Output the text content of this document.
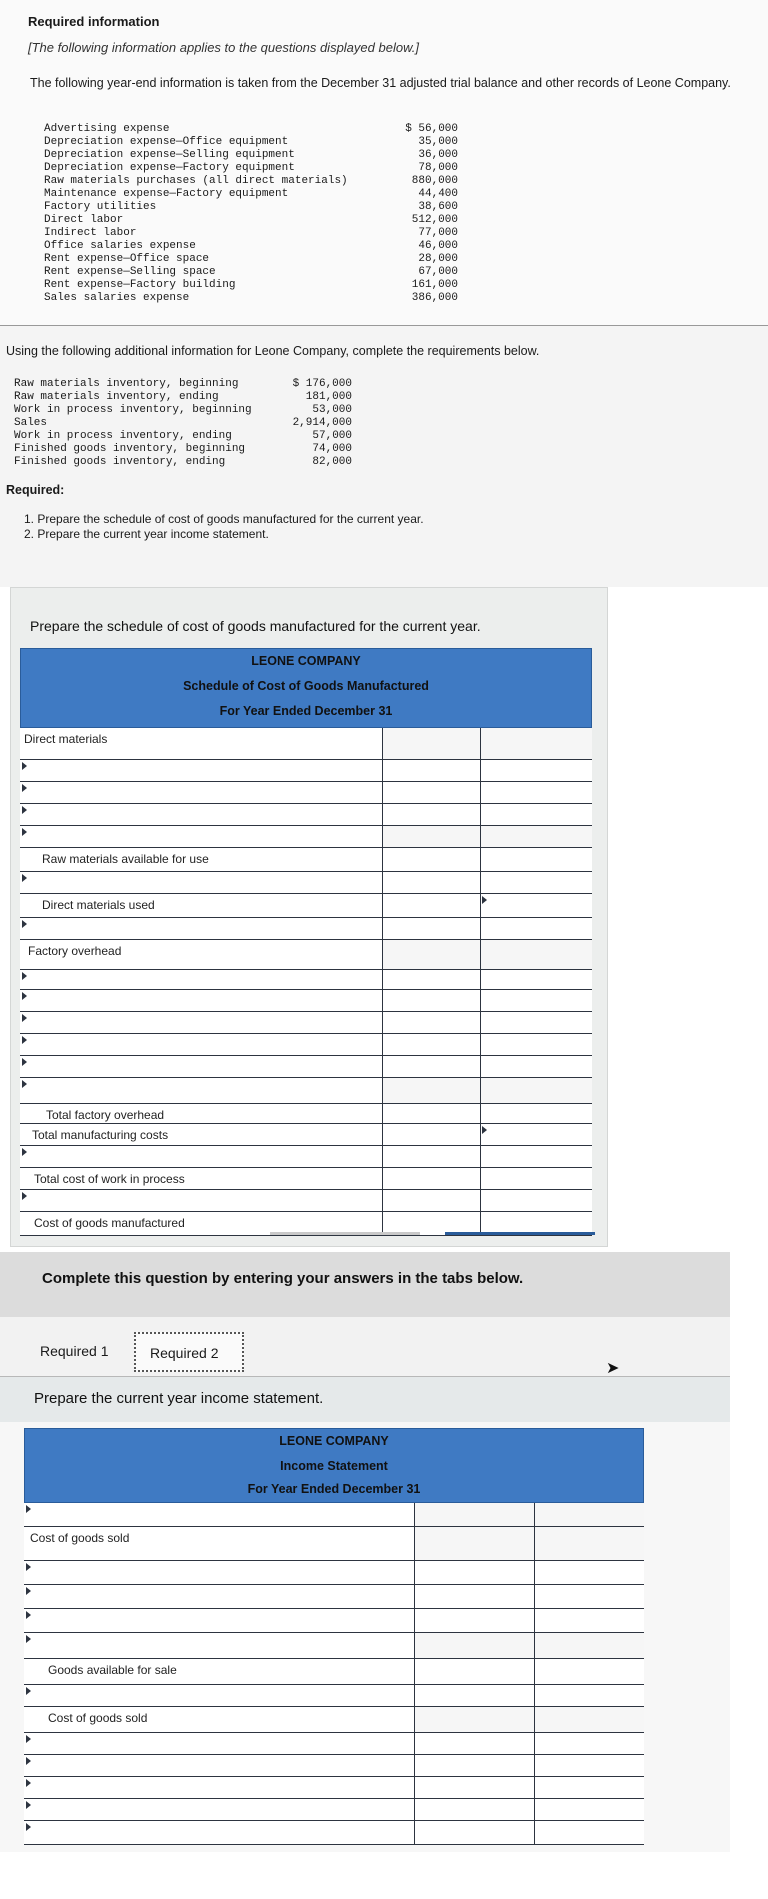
Required information
[The following information applies to the questions displayed below.]
The following year-end information is taken from the December 31 adjusted trial balance and other records of Leone Company.
Advertising expense
Depreciation expense—Office equipment
Depreciation expense—Selling equipment
Depreciation expense—Factory equipment
Raw materials purchases (all direct materials)
Maintenance expense—Factory equipment
Factory utilities
Direct labor
Indirect labor
Office salaries expense
Rent expense—Office space
Rent expense—Selling space
Rent expense—Factory building
Sales salaries expense
$ 56,000
35,000
36,000
78,000
880,000
44,400
38,600
512,000
77,000
46,000
28,000
67,000
161,000
386,000
Using the following additional information for Leone Company, complete the requirements below.
Raw materials inventory, beginning
Raw materials inventory, ending
Work in process inventory, beginning
Sales
Work in process inventory, ending
Finished goods inventory, beginning
Finished goods inventory, ending
$ 176,000
181,000
53,000
2,914,000
57,000
74,000
82,000
Required:
1. Prepare the schedule of cost of goods manufactured for the current year.
2. Prepare the current year income statement.
Prepare the schedule of cost of goods manufactured for the current year.
LEONE COMPANY
Schedule of Cost of Goods Manufactured
For Year Ended December 31
Direct materials
Raw materials available for use
Direct materials used
Factory overhead
Total factory overhead
Total manufacturing costs
Total cost of work in process
Cost of goods manufactured
Complete this question by entering your answers in the tabs below.
Required 1	Required 2
➤
Prepare the current year income statement.
LEONE COMPANY
Income Statement
For Year Ended December 31
Cost of goods sold
Goods available for sale
Cost of goods sold
